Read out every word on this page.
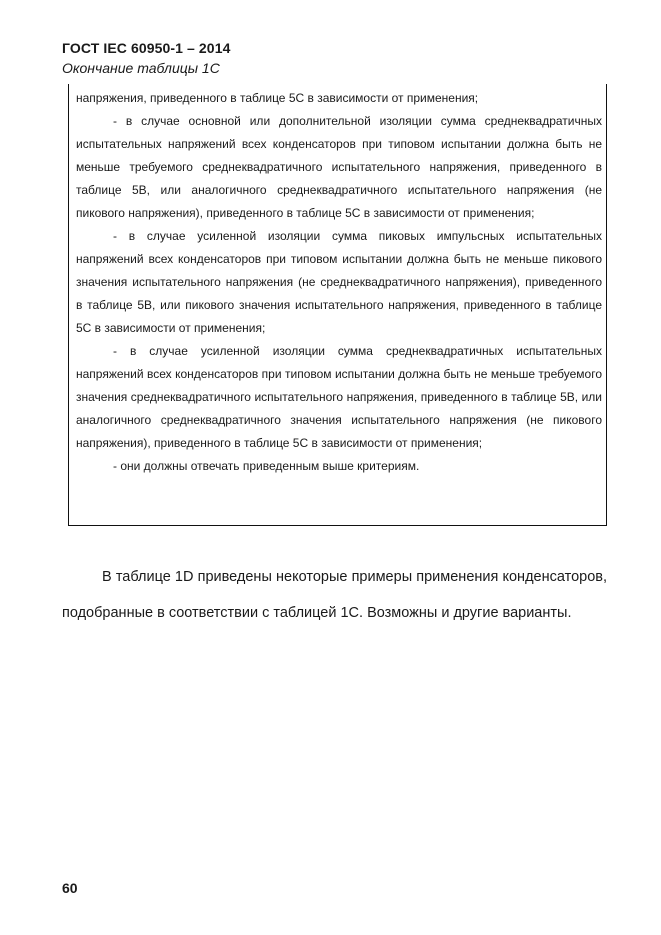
ГОСТ IEC 60950-1 – 2014
Окончание таблицы 1С

напряжения, приведенного в таблице 5С в зависимости от применения;

- в случае основной или дополнительной изоляции сумма среднеквадратичных испытательных напряжений всех конденсаторов при типовом испытании должна быть не меньше требуемого среднеквадратичного испытательного напряжения, приведенного в таблице 5В, или аналогичного среднеквадратичного испытательного напряжения (не пикового напряжения), приведенного в таблице 5С в зависимости от применения;

- в случае усиленной изоляции сумма пиковых импульсных испытательных напряжений всех конденсаторов при типовом испытании должна быть не меньше пикового значения испытательного напряжения (не среднеквадратичного напряжения), приведенного в таблице 5В, или пикового значения испытательного напряжения, приведенного в таблице 5С в зависимости от применения;

- в случае усиленной изоляции сумма среднеквадратичных испытательных напряжений всех конденсаторов при типовом испытании должна быть не меньше требуемого значения среднеквадратичного испытательного напряжения, приведенного в таблице 5В, или аналогичного среднеквадратичного значения испытательного напряжения (не пикового напряжения), приведенного в таблице 5С в зависимости от применения;

- они должны отвечать приведенным выше критериям.

В таблице 1D приведены некоторые примеры применения конденсаторов, подобранные в соответствии с таблицей 1С. Возможны и другие варианты.

60
